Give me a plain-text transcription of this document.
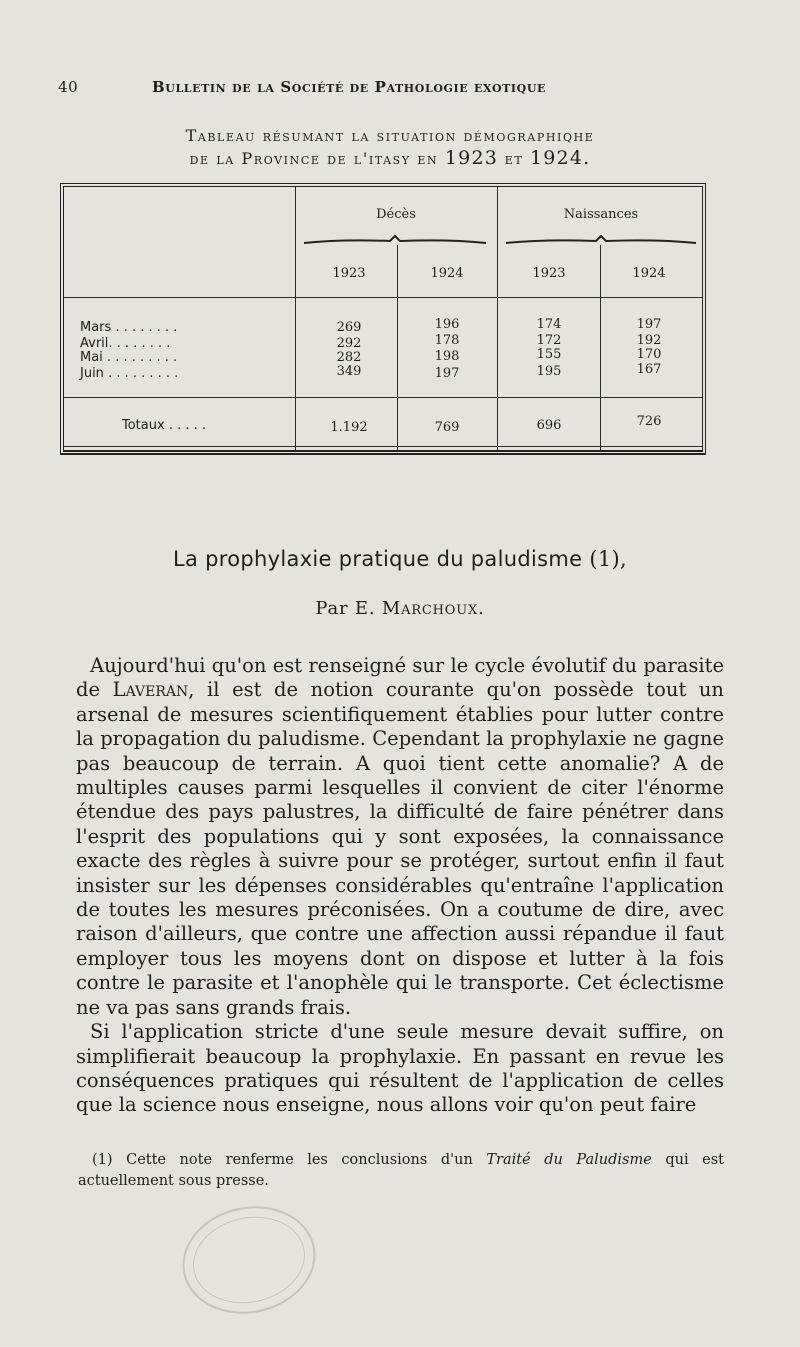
40	Bulletin de la Société de Pathologie exotique
Tableau résumant la situation démographiqhe
de la Province de l'itasy en 1923 et 1924.
Décès	Naissances
1923	1924	1923	1924
Mars . . . . . . . .	269	196	174	197
Avril. . . . . . . .	292	178	172	192
Mai . . . . . . . . .	282	198	155	170
Juin . . . . . . . . .	349	197	195	167
Totaux . . . . .	1.192	769	696	726
La prophylaxie pratique du paludisme (1),
Par E. Marchoux.

Aujourd'hui qu'on est renseigné sur le cycle évolutif du parasite de Laveran, il est de notion courante qu'on possède tout un arsenal de mesures scientifiquement établies pour lutter contre la propagation du paludisme. Cependant la prophylaxie ne gagne pas beaucoup de terrain. A quoi tient cette anomalie? A de multiples causes parmi lesquelles il convient de citer l'énorme étendue des pays palustres, la difficulté de faire pénétrer dans l'esprit des populations qui y sont exposées, la connaissance exacte des règles à suivre pour se protéger, surtout enfin il faut insister sur les dépenses considérables qu'entraîne l'application de toutes les mesures préconisées. On a coutume de dire, avec raison d'ailleurs, que contre une affection aussi répandue il faut employer tous les moyens dont on dispose et lutter à la fois contre le parasite et l'anophèle qui le transporte. Cet éclectisme ne va pas sans grands frais.

Si l'application stricte d'une seule mesure devait suffire, on simplifierait beaucoup la prophylaxie. En passant en revue les conséquences pratiques qui résultent de l'application de celles que la science nous enseigne, nous allons voir qu'on peut faire

(1) Cette note renferme les conclusions d'un Traité du Paludisme qui est actuellement sous presse.
